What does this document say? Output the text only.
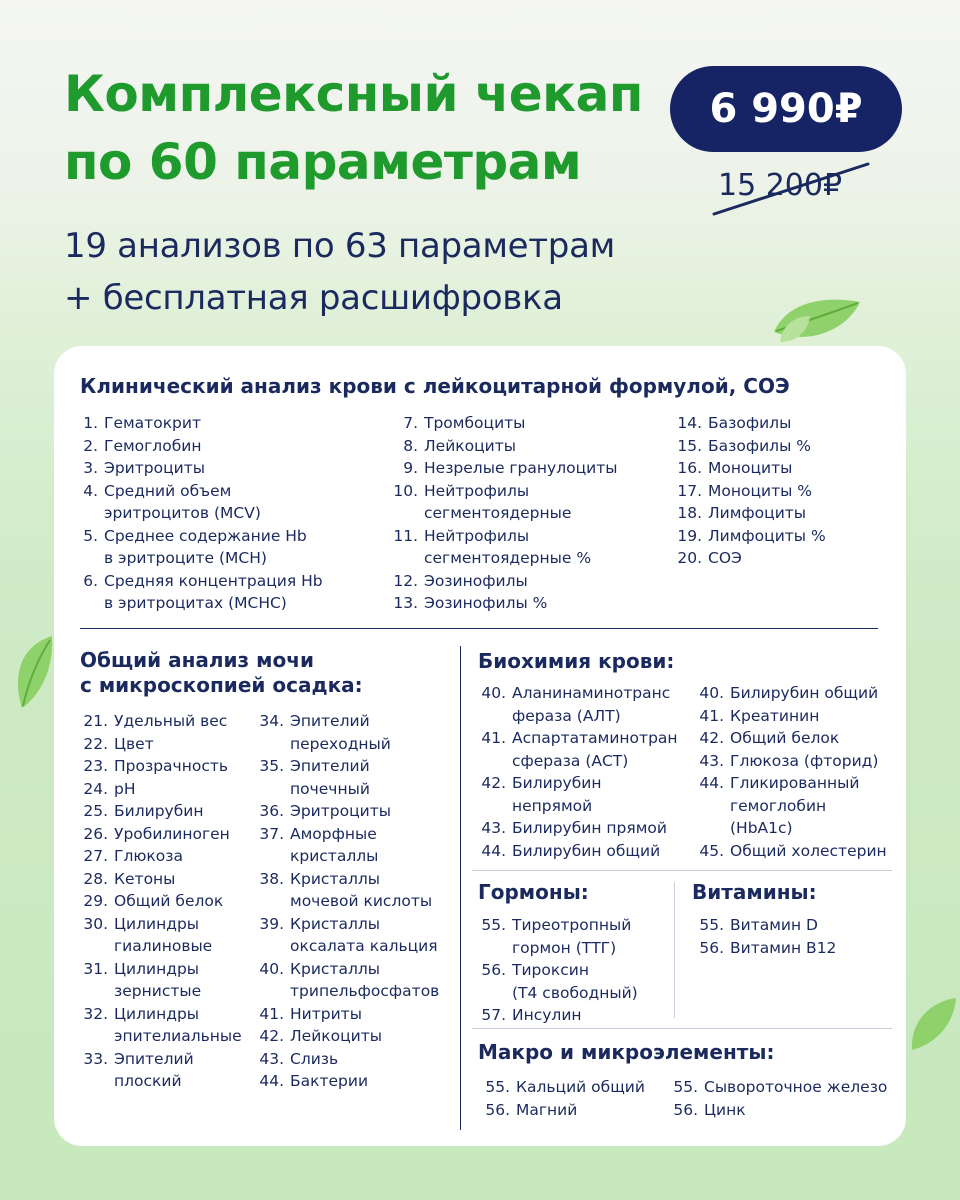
Комплексный чекап
по 60 параметрам
19 анализов по 63 параметрам
+ бесплатная расшифровка
6 990₽
15 200₽
Клинический анализ крови с лейкоцитарной формулой, СОЭ
1. Гематокрит
2. Гемоглобин
3. Эритроциты
4. Средний объем
эритроцитов (MCV)
5. Среднее содержание Hb
в эритроците (MCH)
6. Средняя концентрация Hb
в эритроцитах (MCHC)
7. Тромбоциты
8. Лейкоциты
9. Незрелые гранулоциты
10. Нейтрофилы
сегментоядерные
11. Нейтрофилы
сегментоядерные %
12. Эозинофилы
13. Эозинофилы %
14. Базофилы
15. Базофилы %
16. Моноциты
17. Моноциты %
18. Лимфоциты
19. Лимфоциты %
20. СОЭ
Общий анализ мочи
с микроскопией осадка:
21. Удельный вес
22. Цвет
23. Прозрачность
24. pH
25. Билирубин
26. Уробилиноген
27. Глюкоза
28. Кетоны
29. Общий белок
30. Цилиндры
гиалиновые
31. Цилиндры
зернистые
32. Цилиндры
эпителиальные
33. Эпителий
плоский
34. Эпителий
переходный
35. Эпителий
почечный
36. Эритроциты
37. Аморфные
кристаллы
38. Кристаллы
мочевой кислоты
39. Кристаллы
оксалата кальция
40. Кристаллы
трипельфосфатов
41. Нитриты
42. Лейкоциты
43. Слизь
44. Бактерии
Биохимия крови:
40. Аланинаминотранс
фераза (АЛТ)
41. Аспартатаминотран
сфераза (АСТ)
42. Билирубин
непрямой
43. Билирубин прямой
44. Билирубин общий
40. Билирубин общий
41. Креатинин
42. Общий белок
43. Глюкоза (фторид)
44. Гликированный
гемоглобин
(HbA1c)
45. Общий холестерин
Гормоны:
55. Тиреотропный
гормон (ТТГ)
56. Тироксин
(Т4 свободный)
57. Инсулин
Витамины:
55. Витамин D
56. Витамин В12
Макро и микроэлементы:
55. Кальций общий
56. Магний
55. Сывороточное железо
56. Цинк
